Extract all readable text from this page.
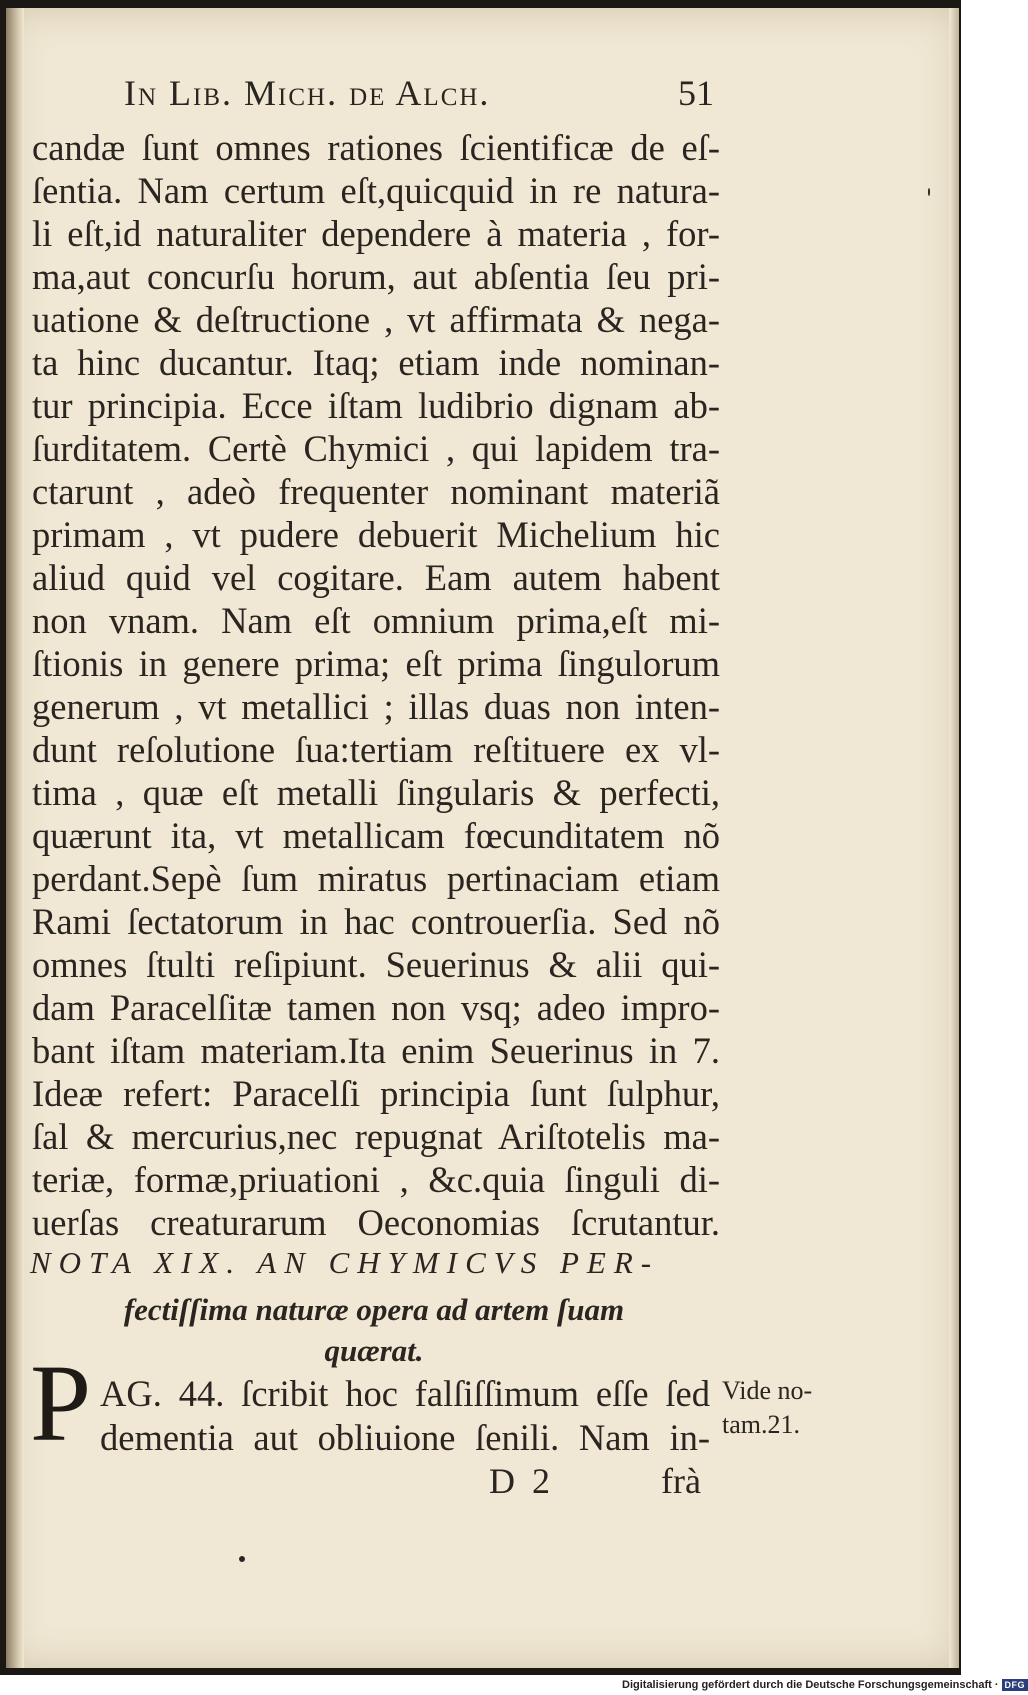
In Lib. Mich. de Alch.	51
candæ ſunt omnes rationes ſcientificæ de eſ-
ſentia. Nam certum eſt,quicquid in re natura-
li eſt,id naturaliter dependere à materia , for-
ma,aut concurſu horum, aut abſentia ſeu pri-
uatione & deſtructione , vt affirmata & nega-
ta hinc ducantur. Itaq; etiam inde nominan-
tur principia. Ecce iſtam ludibrio dignam ab-
ſurditatem. Certè Chymici , qui lapidem tra-
ctarunt , adeò frequenter nominant materiã
primam , vt pudere debuerit Michelium hic
aliud quid vel cogitare. Eam autem habent
non vnam. Nam eſt omnium prima,eſt mi-
ſtionis in genere prima; eſt prima ſingulorum
generum , vt metallici ; illas duas non inten-
dunt reſolutione ſua:tertiam reſtituere ex vl-
tima , quæ eſt metalli ſingularis & perfecti,
quærunt ita, vt metallicam fœcunditatem nõ
perdant.Sepè ſum miratus pertinaciam etiam
Rami ſectatorum in hac controuerſia. Sed nõ
omnes ſtulti reſipiunt. Seuerinus & alii qui-
dam Paracelſitæ tamen non vsq; adeo impro-
bant iſtam materiam.Ita enim Seuerinus in 7.
Ideæ refert: Paracelſi principia ſunt ſulphur,
ſal & mercurius,nec repugnat Ariſtotelis ma-
teriæ, formæ,priuationi , &c.quia ſinguli di-
uerſas creaturarum Oeconomias ſcrutantur.
NOTA XIX. AN CHYMICVS PER-
fectiſſima naturæ opera ad artem ſuam
quærat.
P AG. 44. ſcribit hoc falſiſſimum eſſe ſed
dementia aut obliuione ſenili. Nam in-
Vide no-
tam.21.
D 2	frà
Digitalisierung gefördert durch die Deutsche Forschungsgemeinschaft · DFG
